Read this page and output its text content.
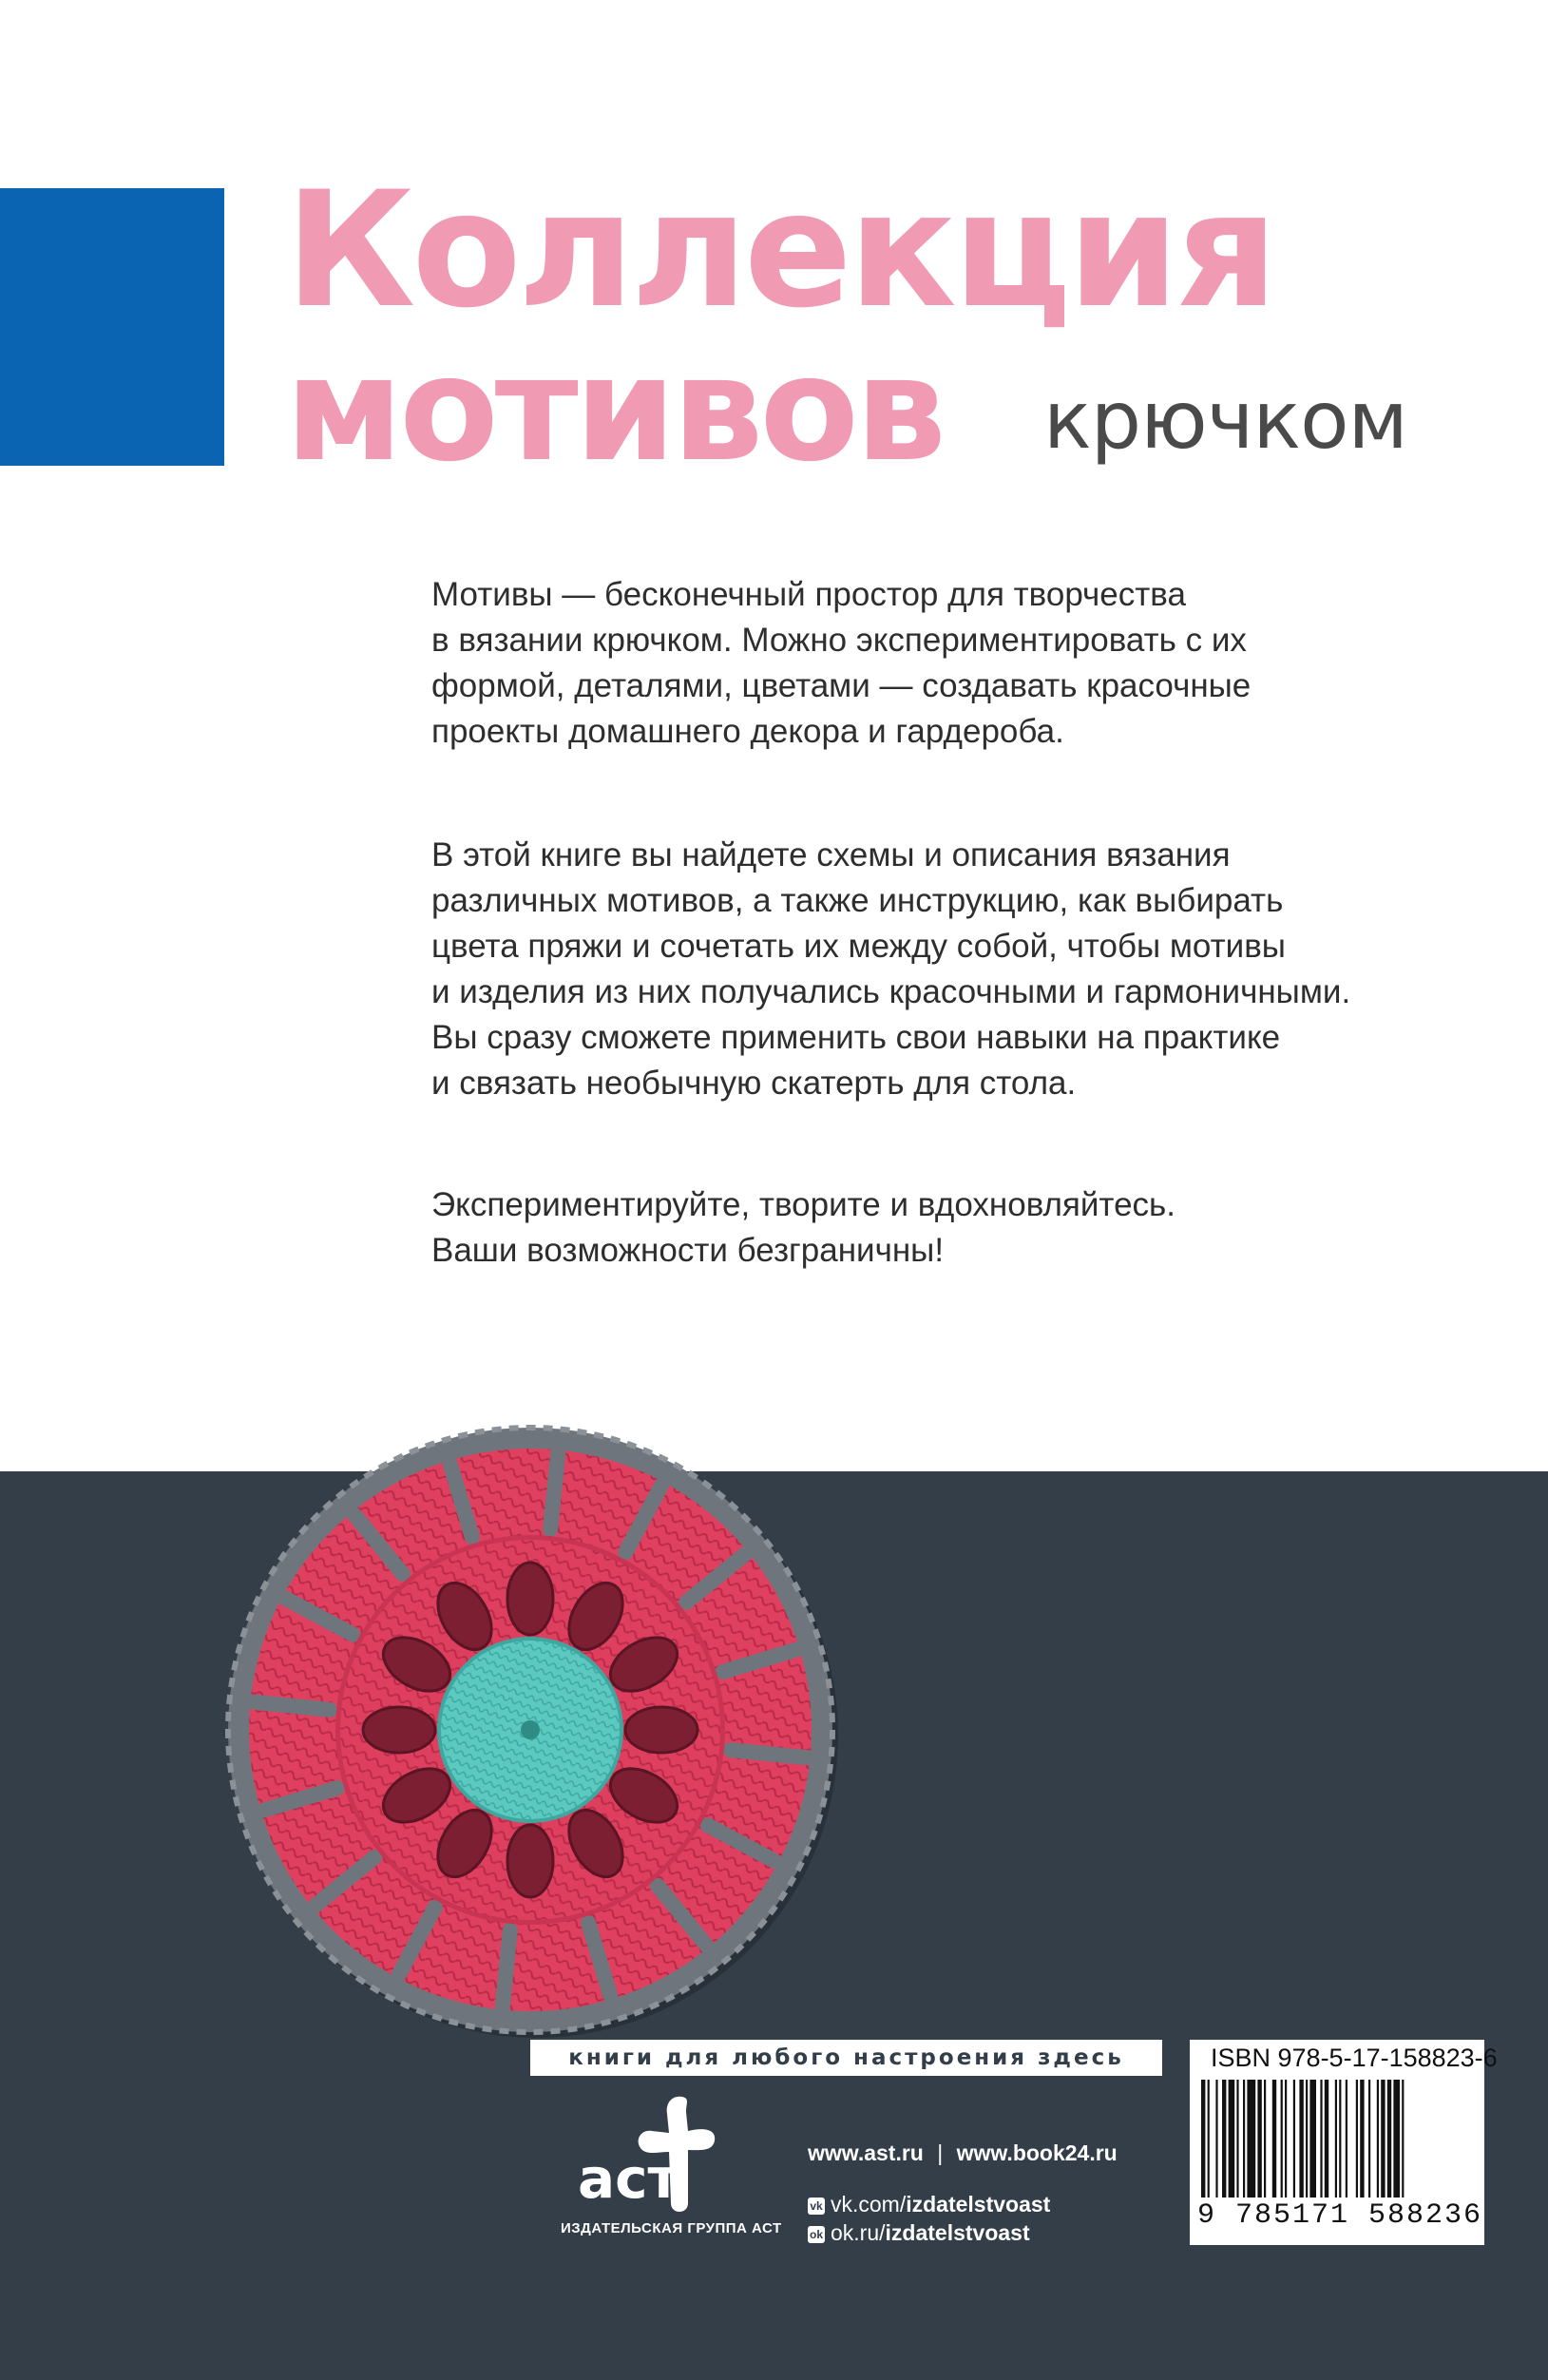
Коллекция
мотивов крючком
Мотивы — бесконечный простор для творчества
в вязании крючком. Можно экспериментировать с их
формой, деталями, цветами — создавать красочные
проекты домашнего декора и гардероба.
В этой книге вы найдете схемы и описания вязания
различных мотивов, а также инструкцию, как выбирать
цвета пряжи и сочетать их между собой, чтобы мотивы
и изделия из них получались красочными и гармоничными.
Вы сразу сможете применить свои навыки на практике
и связать необычную скатерть для стола.
Экспериментируйте, творите и вдохновляйтесь.
Ваши возможности безграничны!
книги для любого настроения здесь	ISBN 978-5-17-158823-6
9 785171 588236
аст
ИЗДАТЕЛЬСКАЯ ГРУППА АСТ
www.ast.ru | www.book24.ru
vk vk.com/izdatelstvoast
ok ok.ru/izdatelstvoast
